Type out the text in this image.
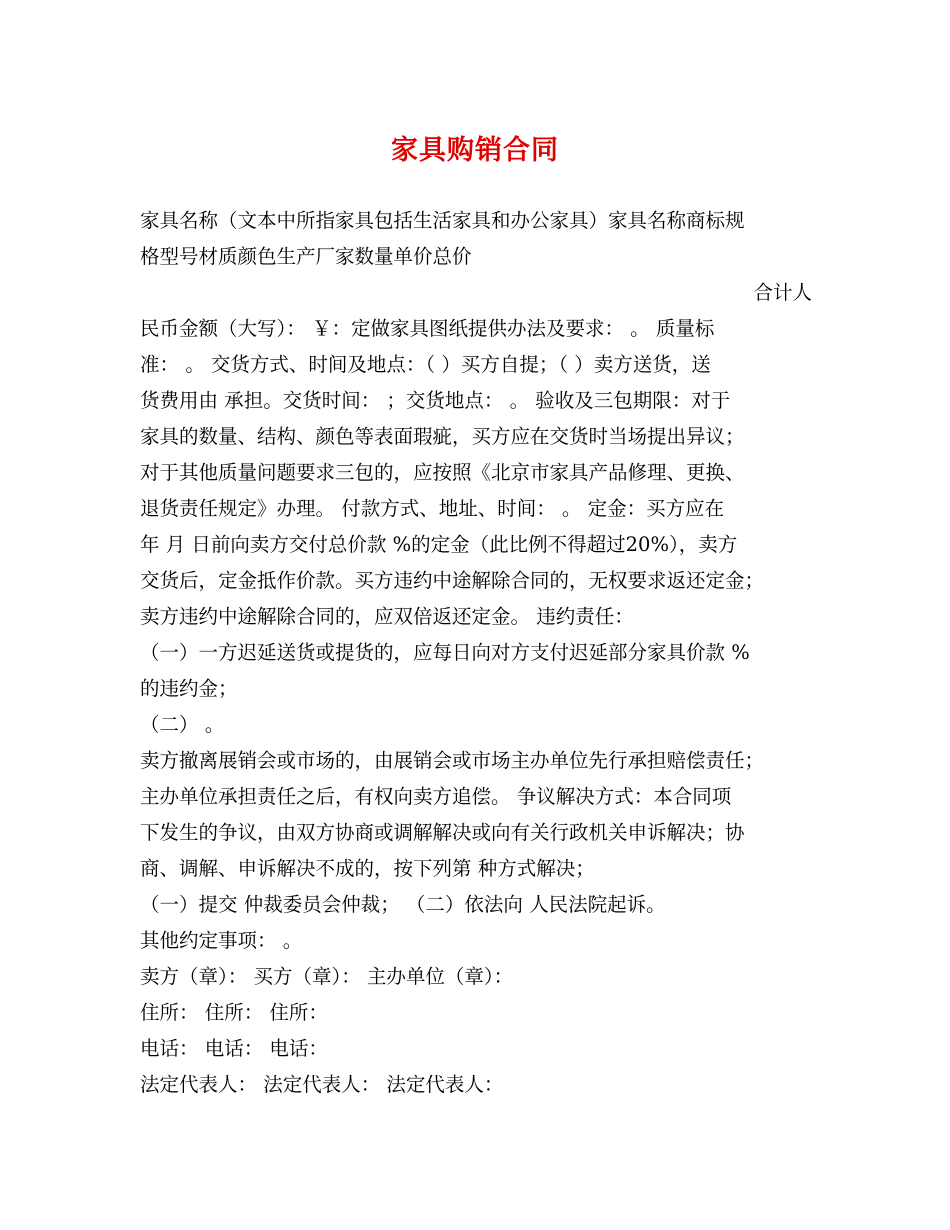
家具购销合同
家具名称（文本中所指家具包括生活家具和办公家具）家具名称商标规
格型号材质颜色生产厂家数量单价总价
合计人
民币金额（大写）： ￥：定做家具图纸提供办法及要求： 。 质量标
准： 。 交货方式、时间及地点：（ ）买方自提；（ ）卖方送货，送
货费用由 承担。交货时间： ；交货地点： 。 验收及三包期限：对于
家具的数量、结构、颜色等表面瑕疵，买方应在交货时当场提出异议；
对于其他质量问题要求三包的，应按照《北京市家具产品修理、更换、
退货责任规定》办理。 付款方式、地址、时间： 。 定金：买方应在
年 月 日前向卖方交付总价款 %的定金（此比例不得超过20%），卖方
交货后，定金抵作价款。买方违约中途解除合同的，无权要求返还定金；
卖方违约中途解除合同的，应双倍返还定金。 违约责任：
（一）一方迟延送货或提货的，应每日向对方支付迟延部分家具价款 %
的违约金；
（二） 。
卖方撤离展销会或市场的，由展销会或市场主办单位先行承担赔偿责任；
主办单位承担责任之后，有权向卖方追偿。 争议解决方式：本合同项
下发生的争议，由双方协商或调解解决或向有关行政机关申诉解决；协
商、调解、申诉解决不成的，按下列第 种方式解决；
（一）提交 仲裁委员会仲裁； （二）依法向 人民法院起诉。
其他约定事项： 。
卖方（章）： 买方（章）： 主办单位（章）：
住所： 住所： 住所：
电话： 电话： 电话：
法定代表人： 法定代表人： 法定代表人：
